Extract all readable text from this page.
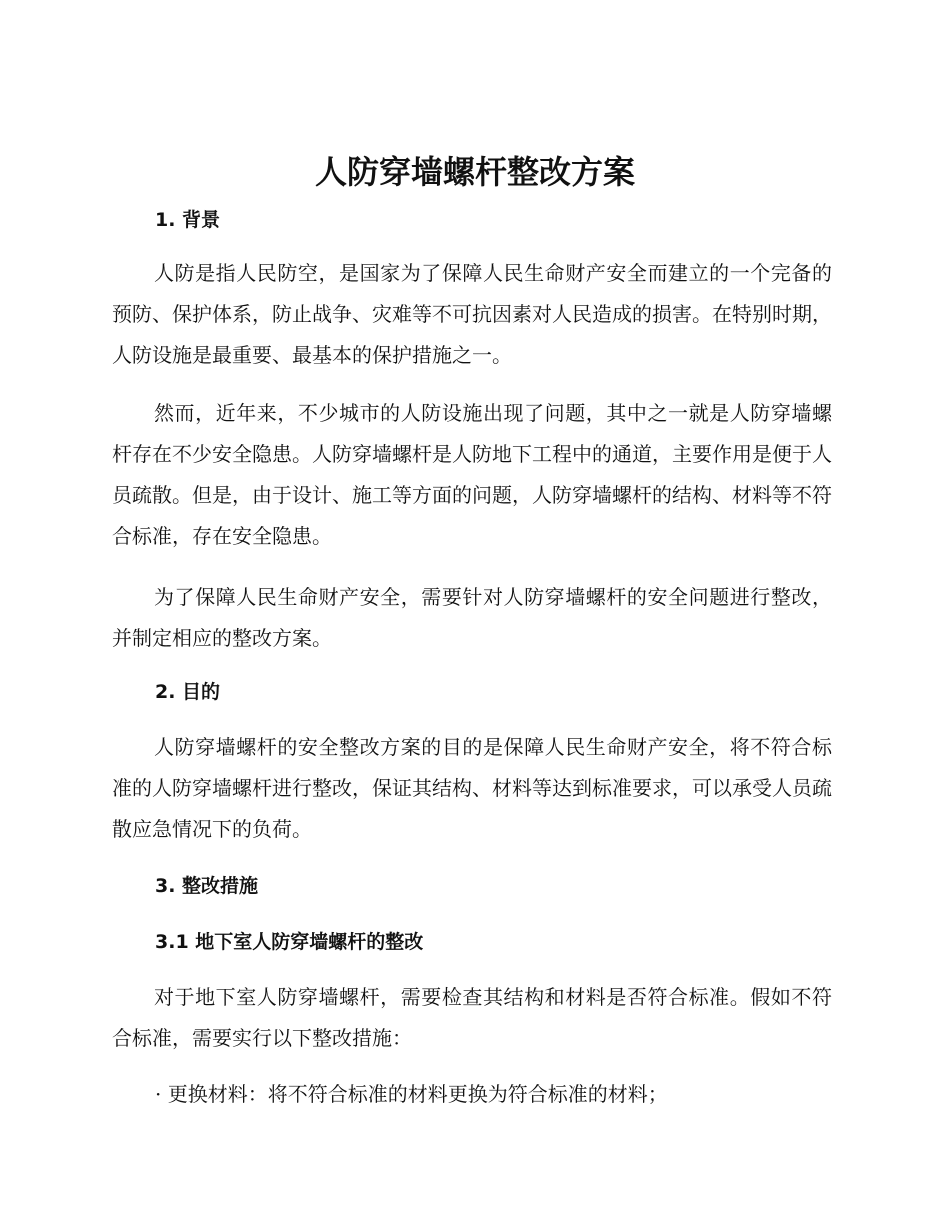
人防穿墙螺杆整改方案
1. 背景

人防是指人民防空，是国家为了保障人民生命财产安全而建立的一个完备的预防、保护体系，防止战争、灾难等不可抗因素对人民造成的损害。在特别时期，人防设施是最重要、最基本的保护措施之一。

然而，近年来，不少城市的人防设施出现了问题，其中之一就是人防穿墙螺杆存在不少安全隐患。人防穿墙螺杆是人防地下工程中的通道，主要作用是便于人员疏散。但是，由于设计、施工等方面的问题，人防穿墙螺杆的结构、材料等不符合标准，存在安全隐患。

为了保障人民生命财产安全，需要针对人防穿墙螺杆的安全问题进行整改，并制定相应的整改方案。

2. 目的

人防穿墙螺杆的安全整改方案的目的是保障人民生命财产安全，将不符合标准的人防穿墙螺杆进行整改，保证其结构、材料等达到标准要求，可以承受人员疏散应急情况下的负荷。

3. 整改措施
3.1 地下室人防穿墙螺杆的整改

对于地下室人防穿墙螺杆，需要检查其结构和材料是否符合标准。假如不符合标准，需要实行以下整改措施：

· 更换材料：将不符合标准的材料更换为符合标准的材料；
